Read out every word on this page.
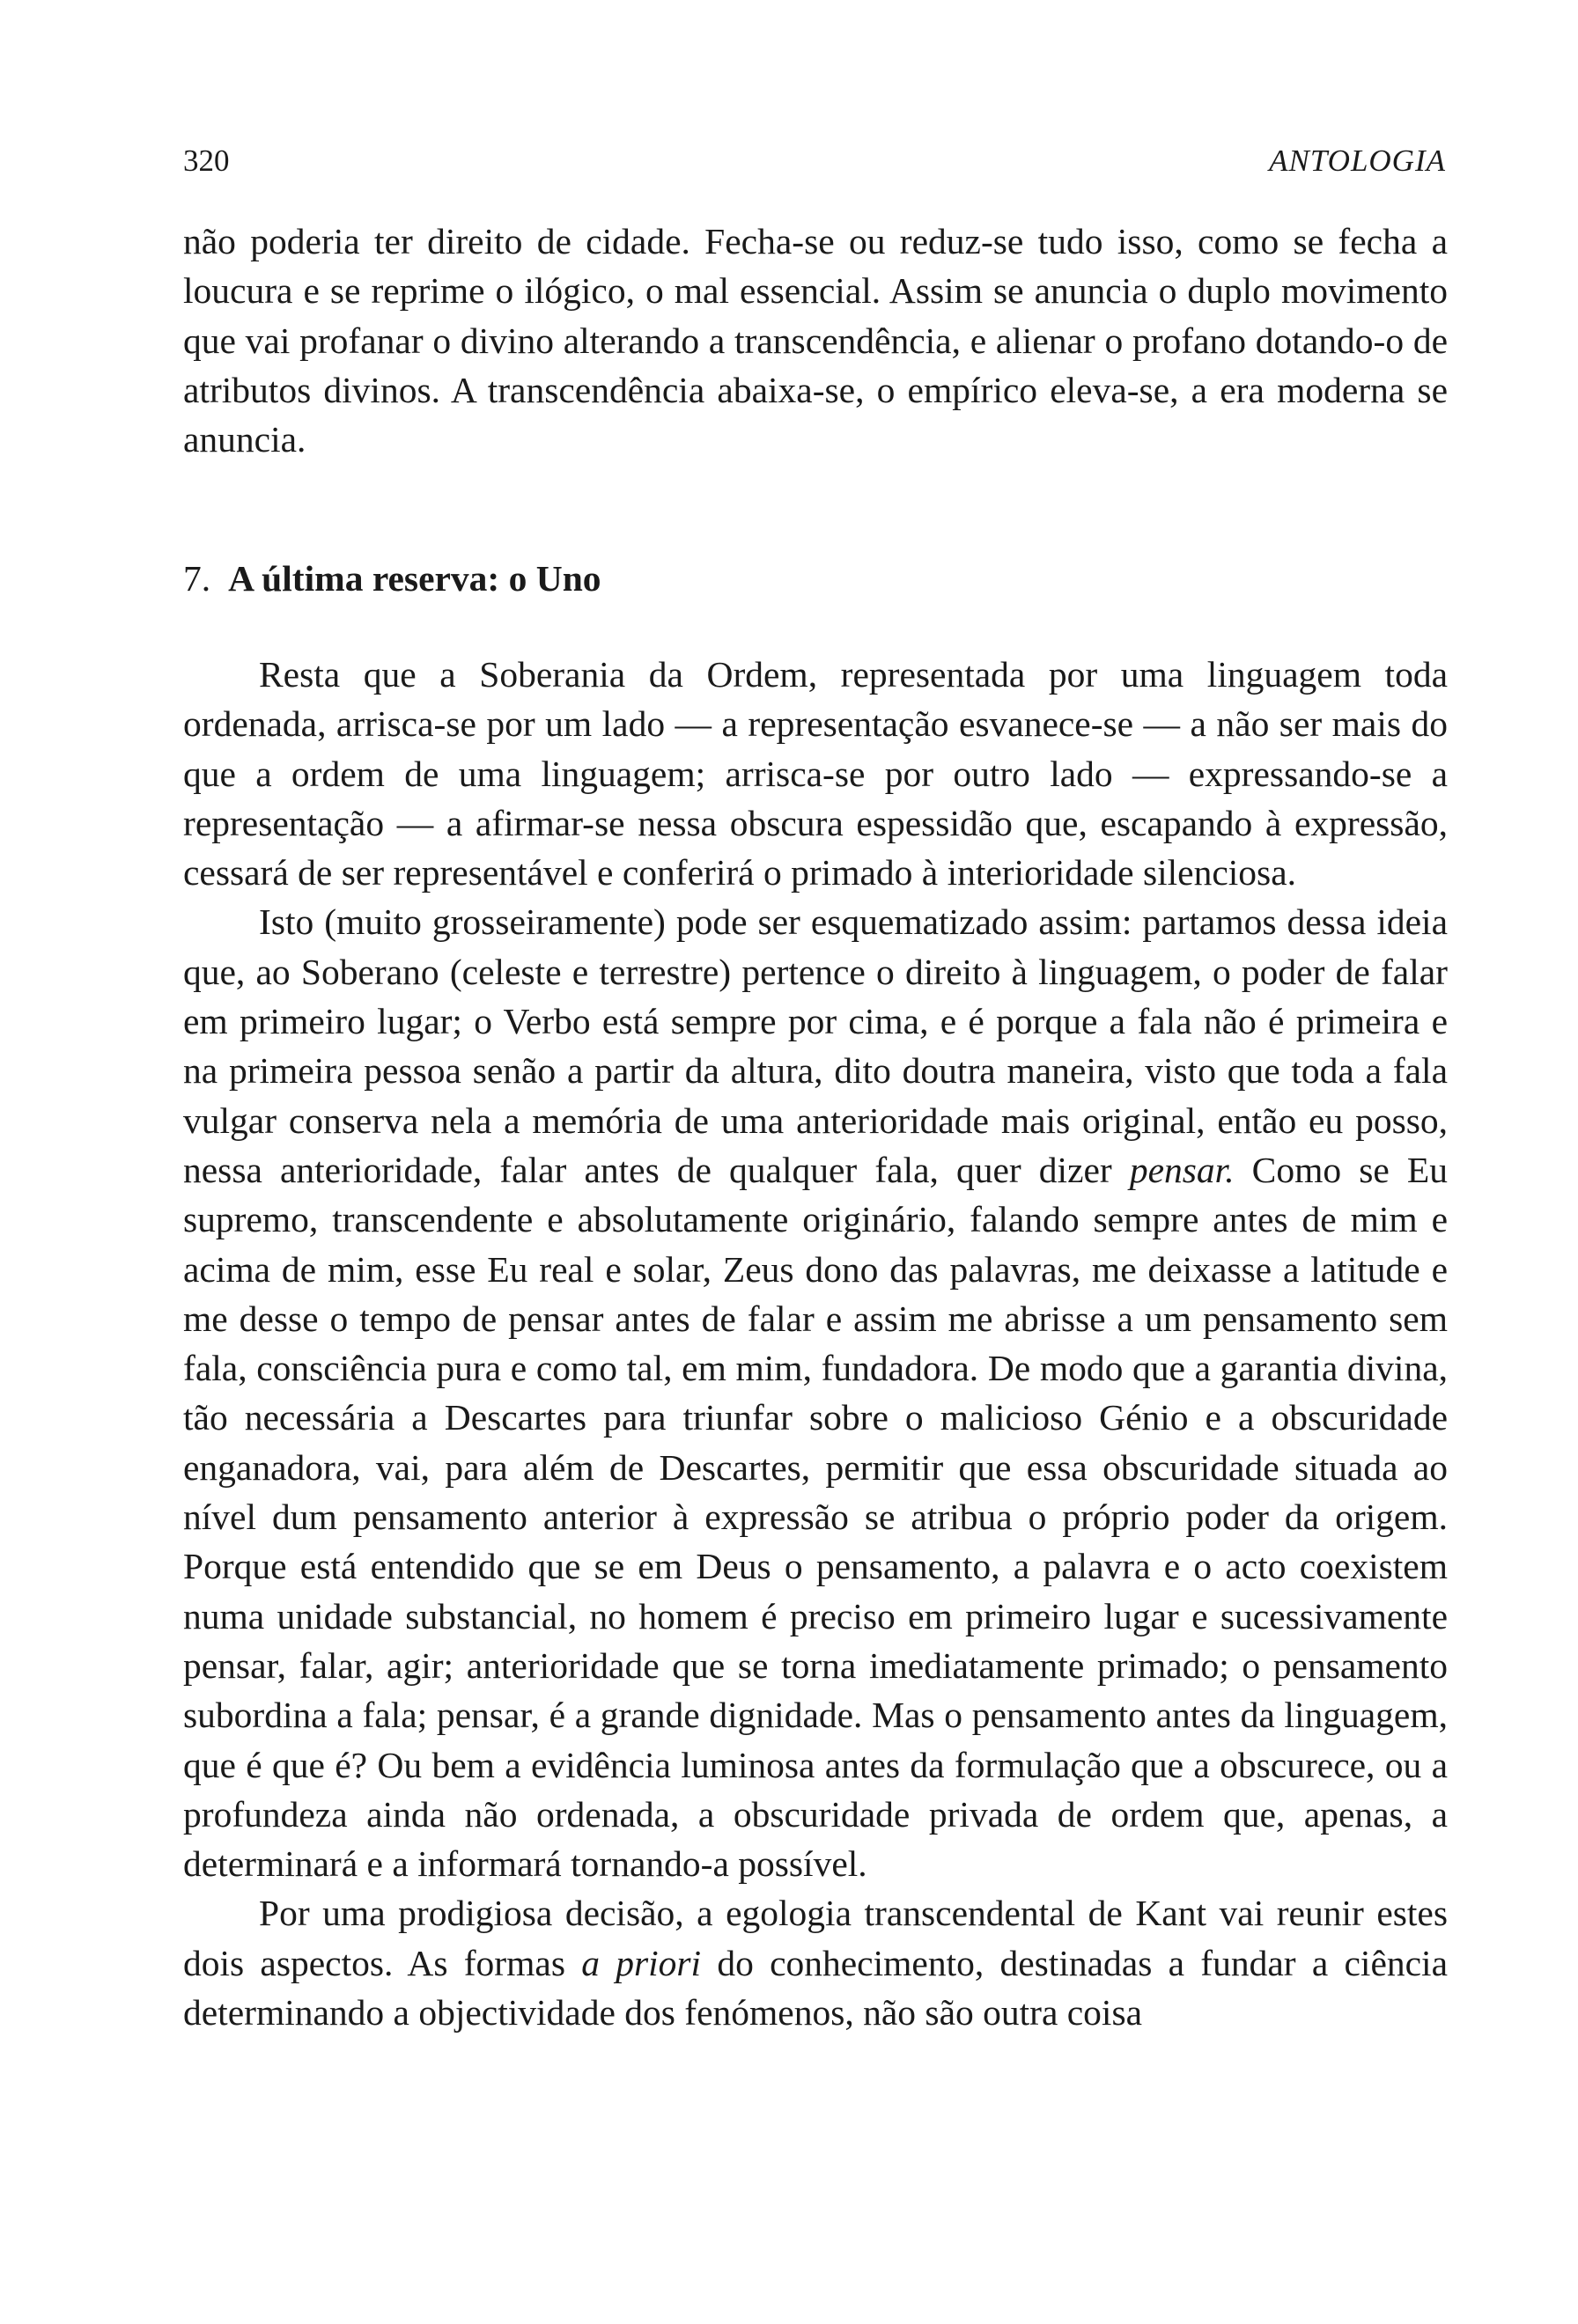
320	ANTOLOGIA

não poderia ter direito de cidade. Fecha-se ou reduz-se tudo isso, como se fecha a loucura e se reprime o ilógico, o mal essencial. Assim se anuncia o duplo movimento que vai profanar o divino alterando a transcendência, e alienar o profano dotando-o de atributos divinos. A transcendência abaixa-se, o empírico eleva-se, a era moderna se anuncia.

7. A última reserva: o Uno

Resta que a Soberania da Ordem, representada por uma linguagem toda ordenada, arrisca-se por um lado — a representação esvanece-se — a não ser mais do que a ordem de uma linguagem; arrisca-se por outro lado — expressando-se a representação — a afirmar-se nessa obscura espessidão que, escapando à expressão, cessará de ser representável e conferirá o primado à interioridade silenciosa.

Isto (muito grosseiramente) pode ser esquematizado assim: partamos dessa ideia que, ao Soberano (celeste e terrestre) pertence o direito à linguagem, o poder de falar em primeiro lugar; o Verbo está sempre por cima, e é porque a fala não é primeira e na primeira pessoa senão a partir da altura, dito doutra maneira, visto que toda a fala vulgar conserva nela a memória de uma anterioridade mais original, então eu posso, nessa anterioridade, falar antes de qualquer fala, quer dizer pensar. Como se Eu supremo, transcendente e absolutamente originário, falando sempre antes de mim e acima de mim, esse Eu real e solar, Zeus dono das palavras, me deixasse a latitude e me desse o tempo de pensar antes de falar e assim me abrisse a um pensamento sem fala, consciência pura e como tal, em mim, fundadora. De modo que a garantia divina, tão necessária a Descartes para triunfar sobre o malicioso Génio e a obscuridade enganadora, vai, para além de Descartes, permitir que essa obscuridade situada ao nível dum pensamento anterior à expressão se atribua o próprio poder da origem. Porque está entendido que se em Deus o pensamento, a palavra e o acto coexistem numa unidade substancial, no homem é preciso em primeiro lugar e sucessivamente pensar, falar, agir; anterioridade que se torna imediatamente primado; o pensamento subordina a fala; pensar, é a grande dignidade. Mas o pensamento antes da linguagem, que é que é? Ou bem a evidência luminosa antes da formulação que a obscurece, ou a profundeza ainda não ordenada, a obscuridade privada de ordem que, apenas, a determinará e a informará tornando-a possível.

Por uma prodigiosa decisão, a egologia transcendental de Kant vai reunir estes dois aspectos. As formas a priori do conhecimento, destinadas a fundar a ciência determinando a objectividade dos fenómenos, não são outra coisa
